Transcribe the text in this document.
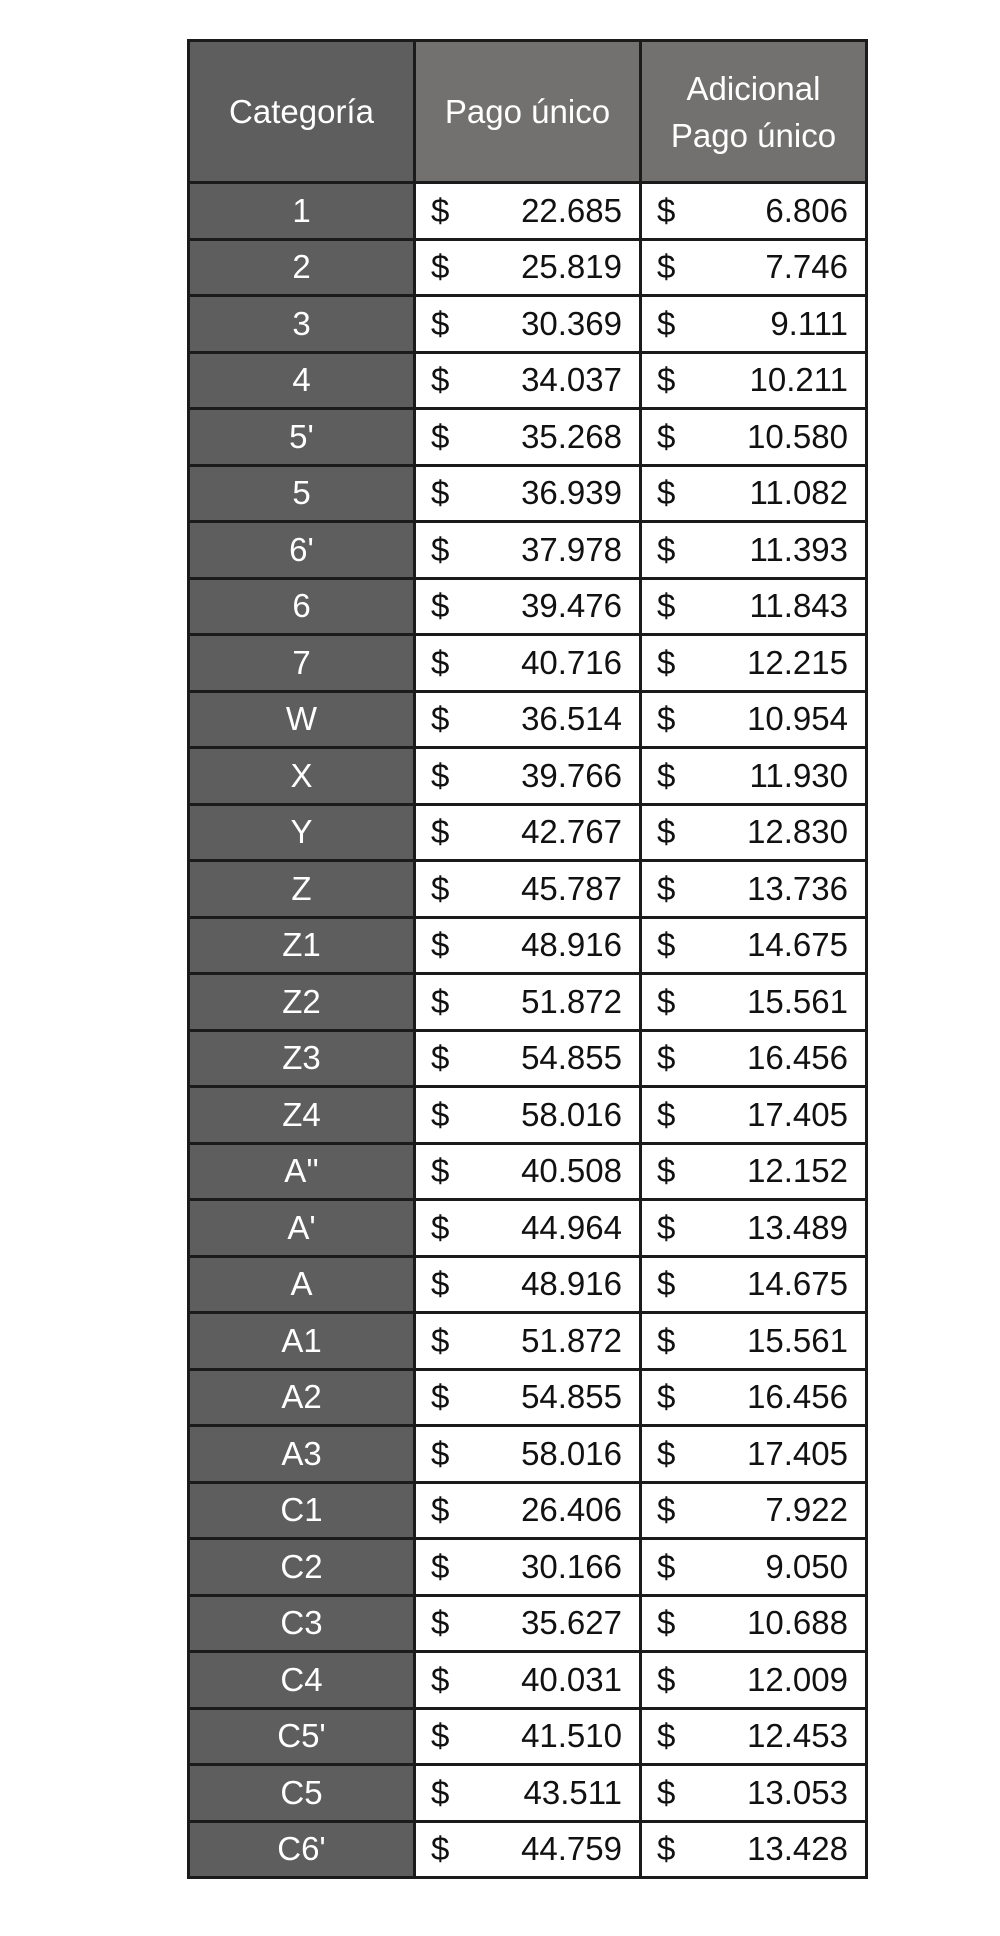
Categoría	Pago único	Adicional
Pago único
1	$ 22.685	$ 6.806

2	$ 25.819	$ 7.746

3	$ 30.369	$ 9.111

4	$ 34.037	$ 10.211

5'	$ 35.268	$ 10.580

5	$ 36.939	$ 11.082

6'	$ 37.978	$ 11.393

6	$ 39.476	$ 11.843

7	$ 40.716	$ 12.215

W	$ 36.514	$ 10.954

X	$ 39.766	$ 11.930

Y	$ 42.767	$ 12.830

Z	$ 45.787	$ 13.736

Z1	$ 48.916	$ 14.675

Z2	$ 51.872	$ 15.561

Z3	$ 54.855	$ 16.456

Z4	$ 58.016	$ 17.405

A''	$ 40.508	$ 12.152

A'	$ 44.964	$ 13.489

A	$ 48.916	$ 14.675

A1	$ 51.872	$ 15.561

A2	$ 54.855	$ 16.456

A3	$ 58.016	$ 17.405

C1	$ 26.406	$ 7.922

C2	$ 30.166	$ 9.050

C3	$ 35.627	$ 10.688

C4	$ 40.031	$ 12.009

C5'	$ 41.510	$ 12.453

C5	$ 43.511	$ 13.053

C6'	$ 44.759	$ 13.428
